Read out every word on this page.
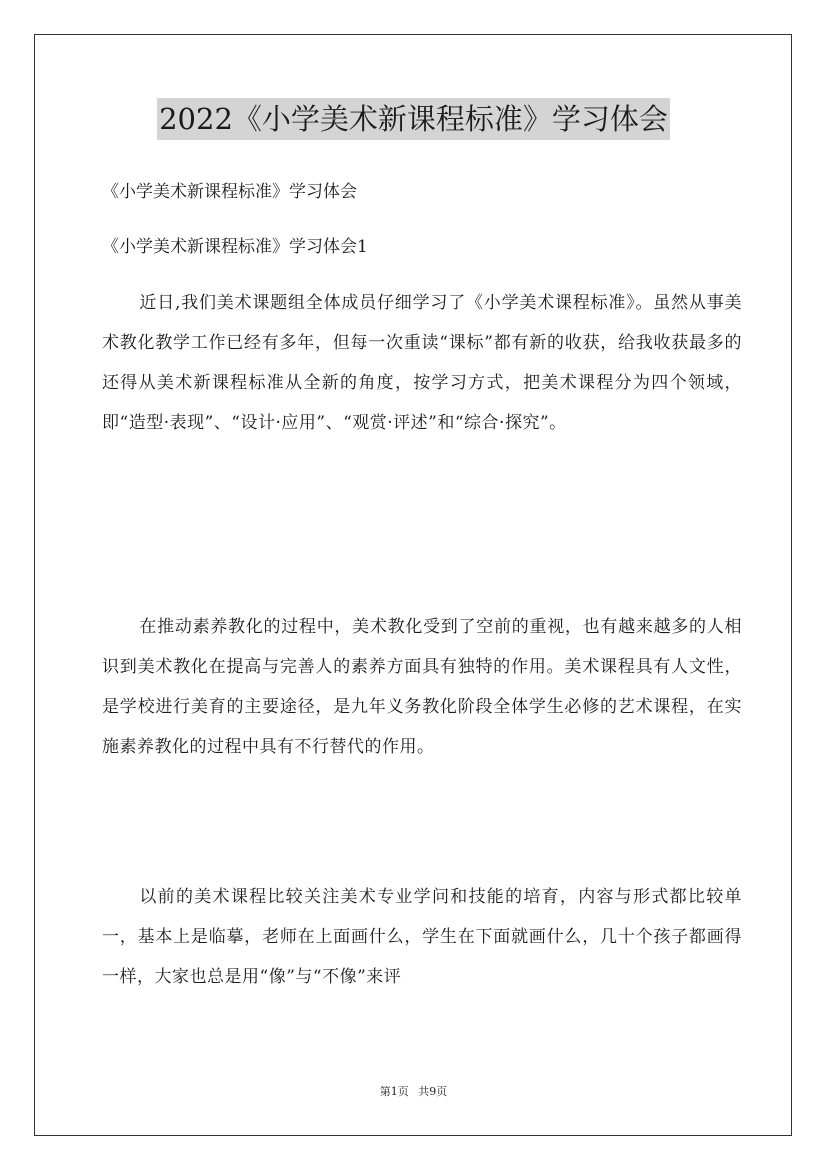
2022《小学美术新课程标准》学习体会
《小学美术新课程标准》学习体会
《小学美术新课程标准》学习体会1

近日,我们美术课题组全体成员仔细学习了《小学美术课程标准》。虽然从事美术教化教学工作已经有多年，但每一次重读“课标”都有新的收获，给我收获最多的还得从美术新课程标准从全新的角度，按学习方式，把美术课程分为四个领域，即“造型·表现”、“设计·应用”、“观赏·评述”和“综合·探究”。

在推动素养教化的过程中，美术教化受到了空前的重视，也有越来越多的人相识到美术教化在提高与完善人的素养方面具有独特的作用。美术课程具有人文性，是学校进行美育的主要途径，是九年义务教化阶段全体学生必修的艺术课程，在实施素养教化的过程中具有不行替代的作用。

以前的美术课程比较关注美术专业学问和技能的培育，内容与形式都比较单一，基本上是临摹，老师在上面画什么，学生在下面就画什么，几十个孩子都画得一样，大家也总是用“像”与“不像”来评

第1页 共9页
